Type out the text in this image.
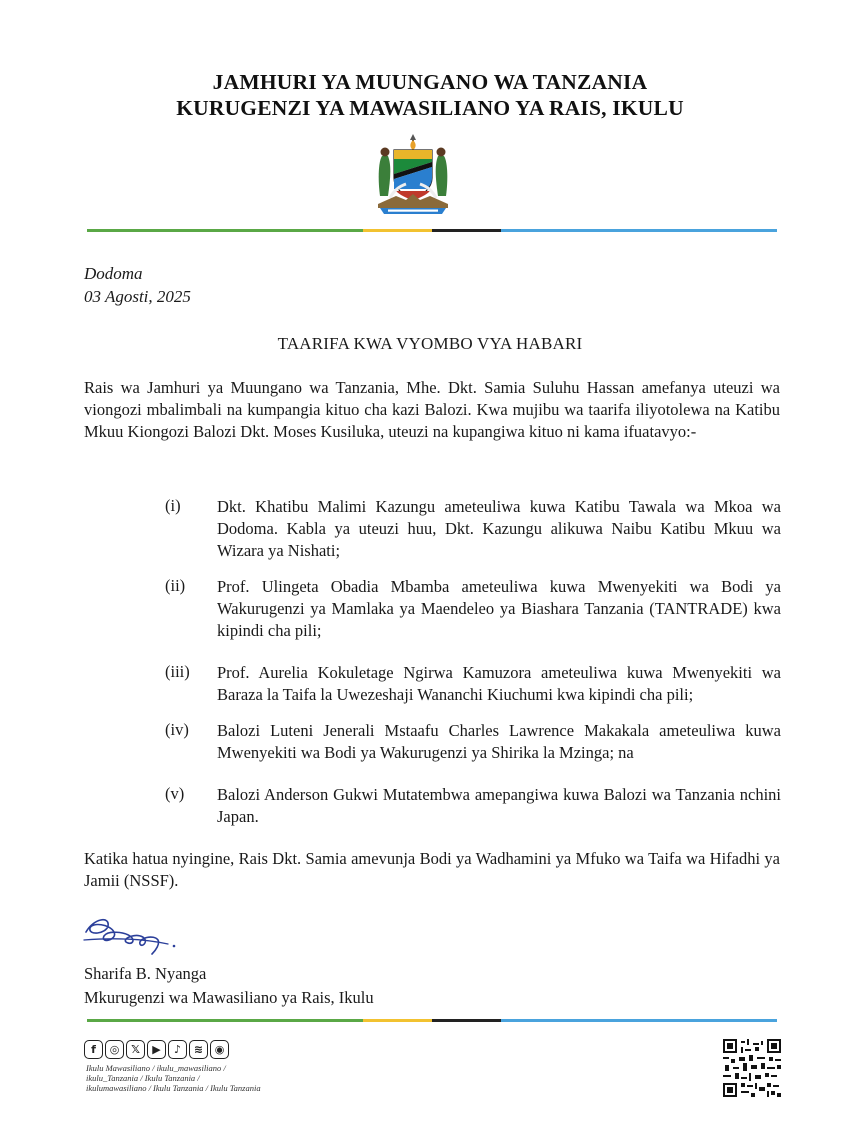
JAMHURI YA MUUNGANO WA TANZANIA
KURUGENZI YA MAWASILIANO YA RAIS, IKULU
Dodoma
03 Agosti, 2025
TAARIFA KWA VYOMBO VYA HABARI
Rais wa Jamhuri ya Muungano wa Tanzania, Mhe. Dkt. Samia Suluhu Hassan amefanya uteuzi wa viongozi mbalimbali na kumpangia kituo cha kazi Balozi. Kwa mujibu wa taarifa iliyotolewa na Katibu Mkuu Kiongozi Balozi Dkt. Moses Kusiluka, uteuzi na kupangiwa kituo ni kama ifuatavyo:-
(i) Dkt. Khatibu Malimi Kazungu ameteuliwa kuwa Katibu Tawala wa Mkoa wa Dodoma. Kabla ya uteuzi huu, Dkt. Kazungu alikuwa Naibu Katibu Mkuu wa Wizara ya Nishati;
(ii) Prof. Ulingeta Obadia Mbamba ameteuliwa kuwa Mwenyekiti wa Bodi ya Wakurugenzi ya Mamlaka ya Maendeleo ya Biashara Tanzania (TANTRADE) kwa kipindi cha pili;
(iii) Prof. Aurelia Kokuletage Ngirwa Kamuzora ameteuliwa kuwa Mwenyekiti wa Baraza la Taifa la Uwezeshaji Wananchi Kiuchumi kwa kipindi cha pili;
(iv) Balozi Luteni Jenerali Mstaafu Charles Lawrence Makakala ameteuliwa kuwa Mwenyekiti wa Bodi ya Wakurugenzi ya Shirika la Mzinga; na
(v) Balozi Anderson Gukwi Mutatembwa amepangiwa kuwa Balozi wa Tanzania nchini Japan.
Katika hatua nyingine, Rais Dkt. Samia amevunja Bodi ya Wadhamini ya Mfuko wa Taifa wa Hifadhi ya Jamii (NSSF).
Sharifa B. Nyanga
Mkurugenzi wa Mawasiliano ya Rais, Ikulu
f	◎	𝕏	▶	♪	≋	◉
Ikulu Mawasiliano / ikulu_mawasiliano /
ikulu_Tanzania / Ikulu Tanzania /
ikulumawasiliano / Ikulu Tanzania / Ikulu Tanzania
